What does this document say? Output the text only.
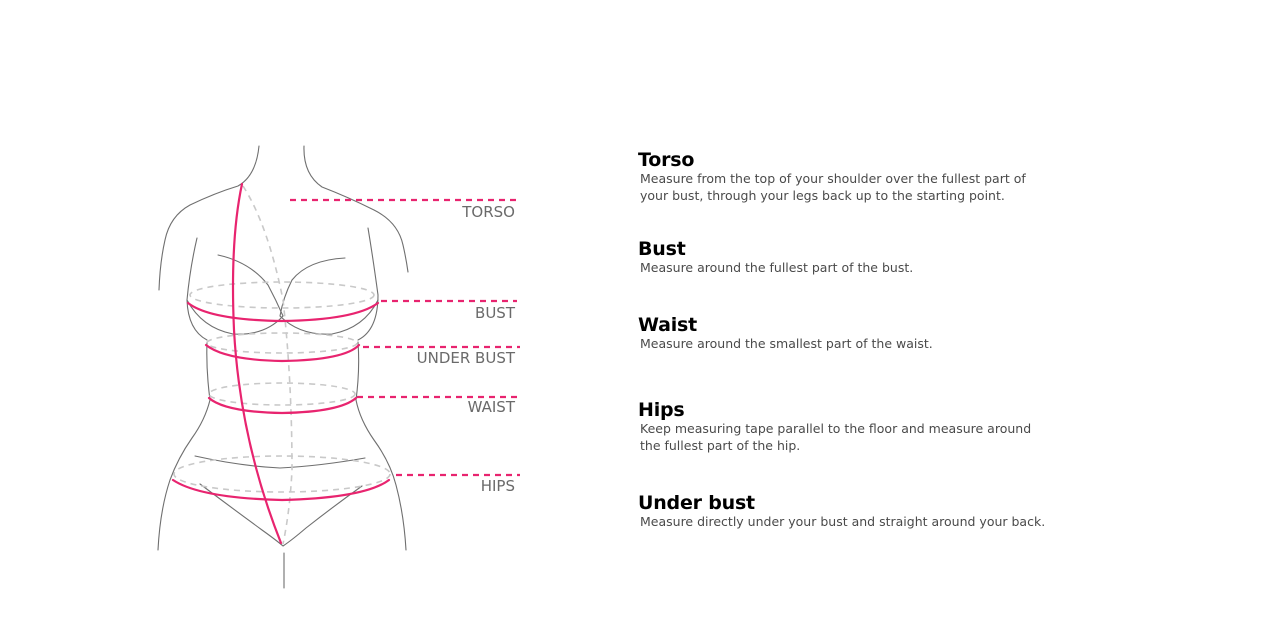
TORSO
BUST
UNDER BUST
WAIST
HIPS
Torso

Measure from the top of your shoulder over the fullest part of
your bust, through your legs back up to the starting point.

Bust

Measure around the fullest part of the bust.

Waist

Measure around the smallest part of the waist.

Hips

Keep measuring tape parallel to the floor and measure around
the fullest part of the hip.

Under bust

Measure directly under your bust and straight around your back.
